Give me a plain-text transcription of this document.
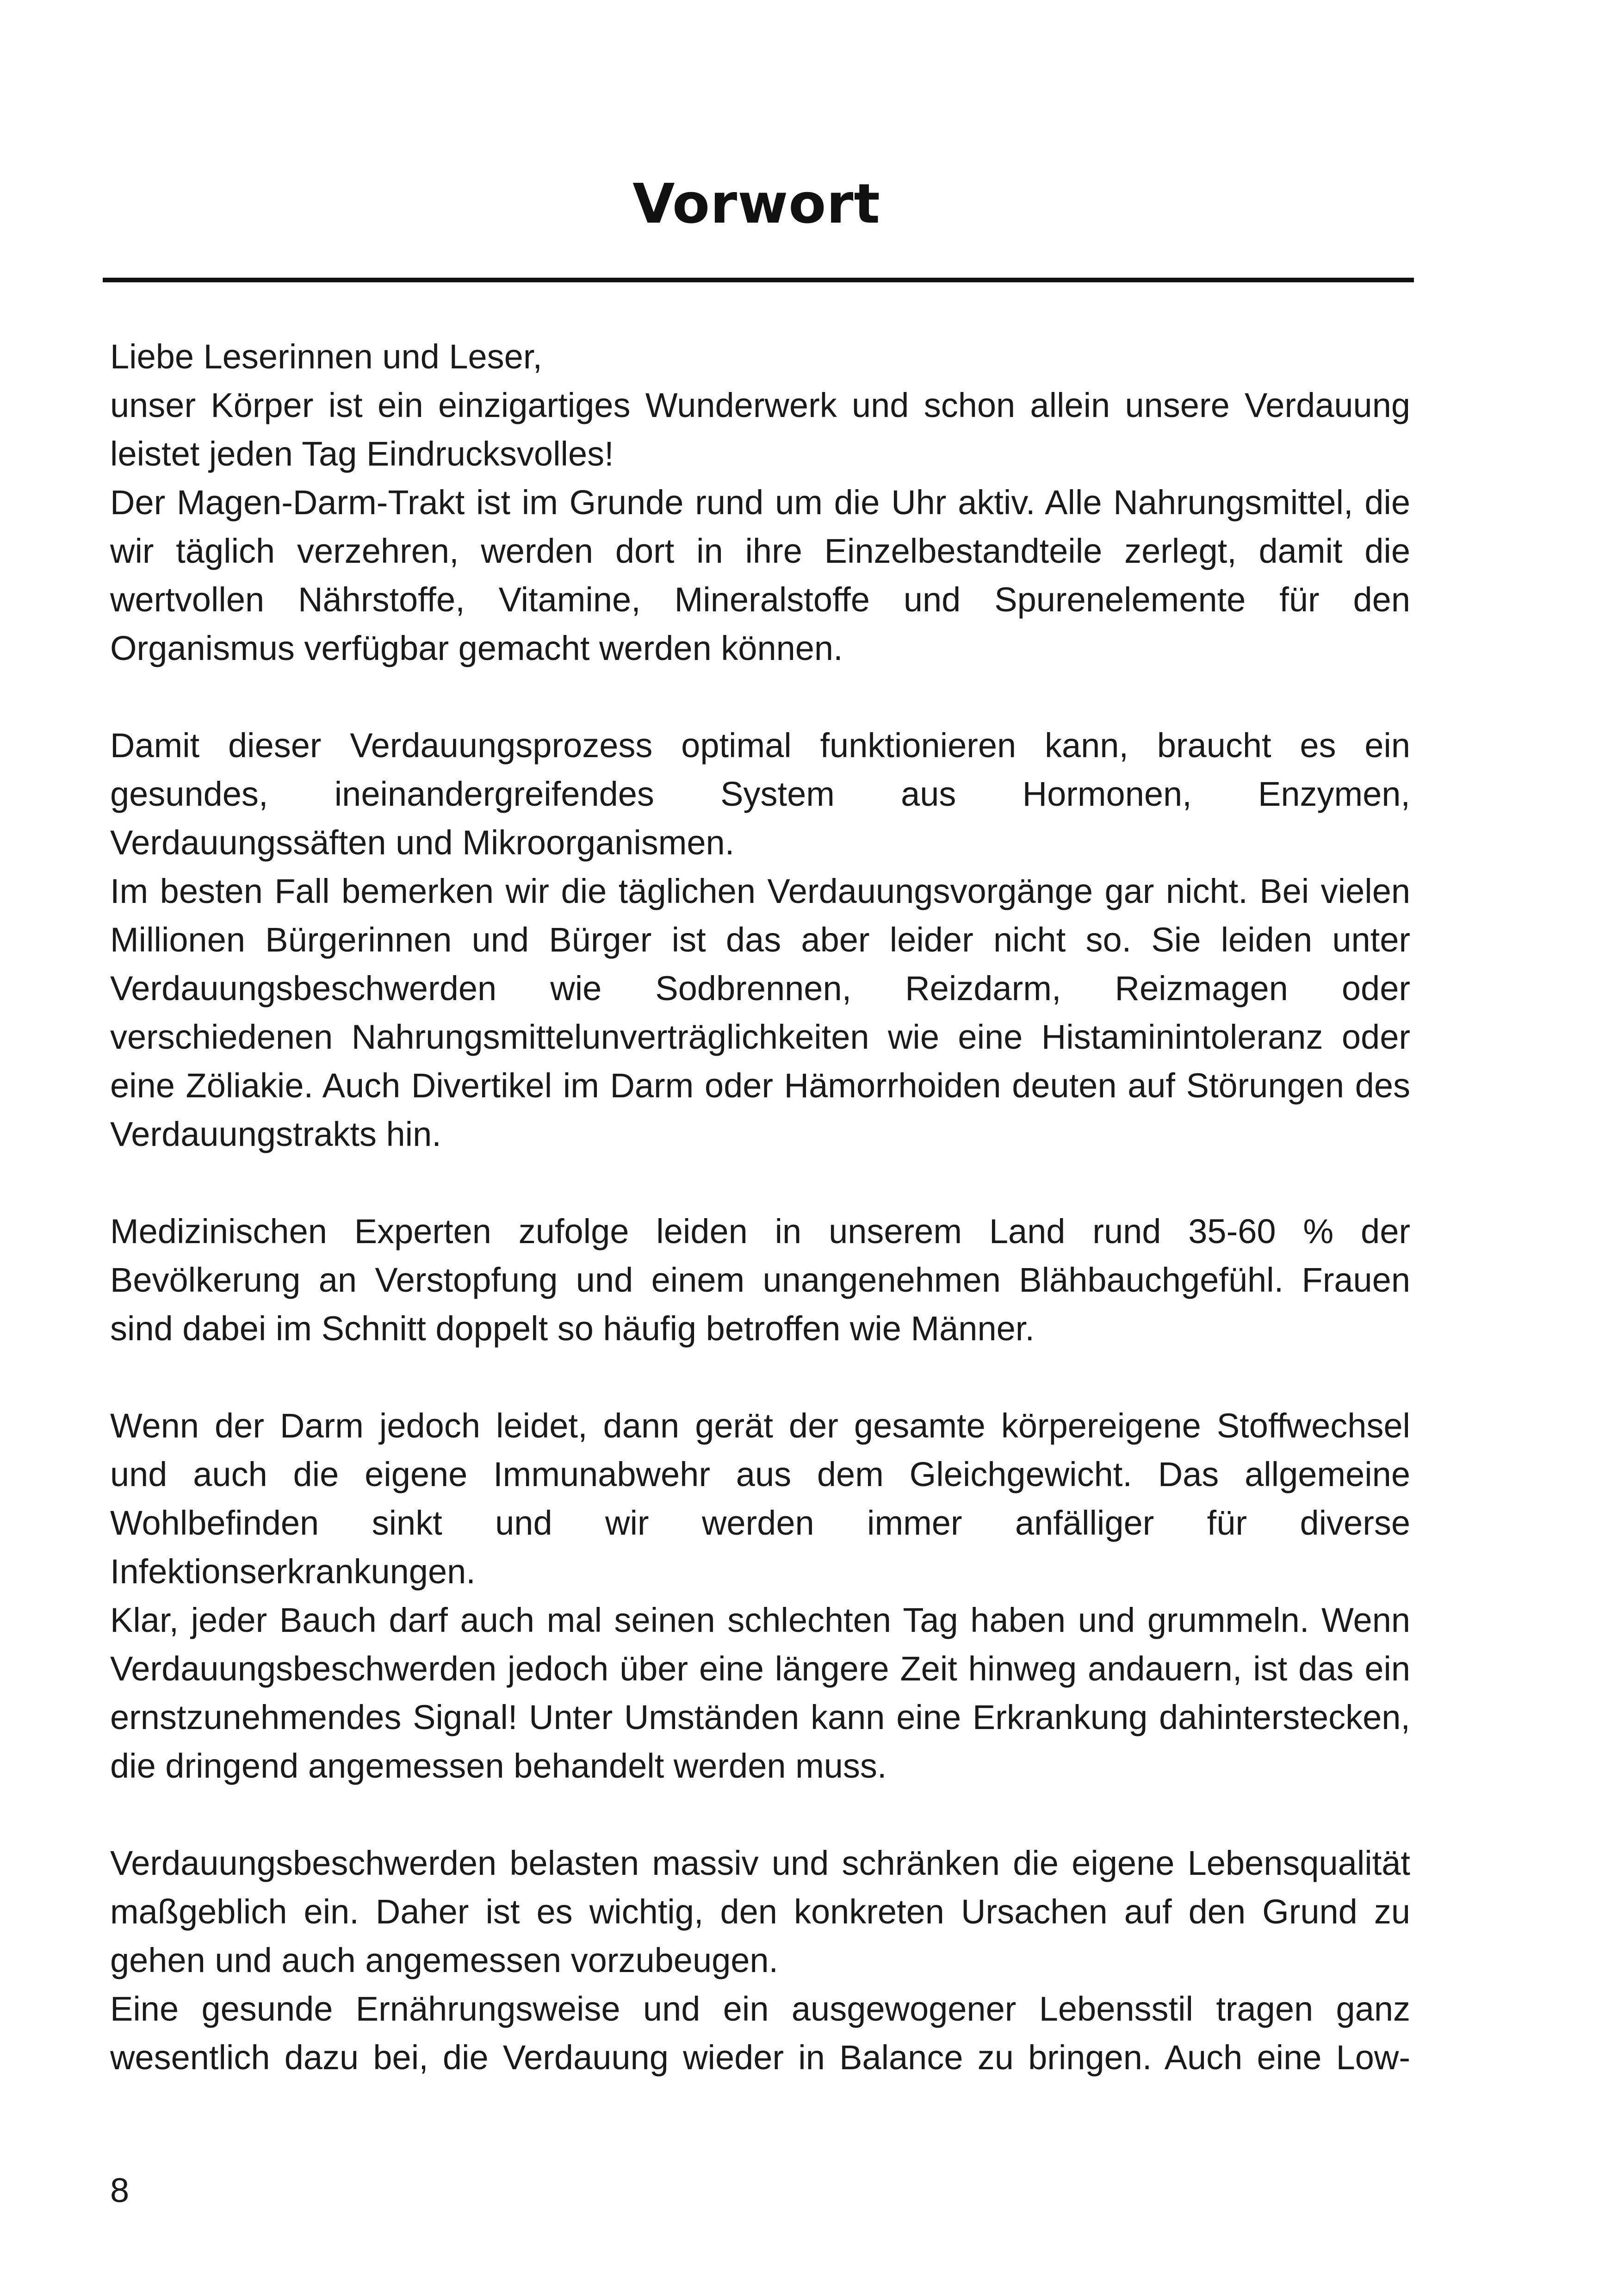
Vorwort

Liebe Leserinnen und Leser,

unser Körper ist ein einzigartiges Wunderwerk und schon allein unsere Verdauung leistet jeden Tag Eindrucksvolles!

Der Magen-Darm-Trakt ist im Grunde rund um die Uhr aktiv. Alle Nahrungsmittel, die wir täglich verzehren, werden dort in ihre Einzelbestandteile zerlegt, damit die wertvollen Nährstoffe, Vitamine, Mineralstoffe und Spurenelemente für den Organismus verfügbar gemacht werden können.

Damit dieser Verdauungsprozess optimal funktionieren kann, braucht es ein gesundes, ineinandergreifendes System aus Hormonen, Enzymen, Verdauungssäften und Mikroorganismen.

Im besten Fall bemerken wir die täglichen Verdauungsvorgänge gar nicht. Bei vielen Millionen Bürgerinnen und Bürger ist das aber leider nicht so. Sie leiden unter Verdauungsbeschwerden wie Sodbrennen, Reizdarm, Reizmagen oder verschiedenen Nahrungsmittelunverträglichkeiten wie eine Histaminintoleranz oder eine Zöliakie. Auch Divertikel im Darm oder Hämorrhoiden deuten auf Störungen des Verdauungstrakts hin.

Medizinischen Experten zufolge leiden in unserem Land rund 35-60 % der Bevölkerung an Verstopfung und einem unangenehmen Blähbauchgefühl. Frauen sind dabei im Schnitt doppelt so häufig betroffen wie Männer.

Wenn der Darm jedoch leidet, dann gerät der gesamte körpereigene Stoffwechsel und auch die eigene Immunabwehr aus dem Gleichgewicht. Das allgemeine Wohlbefinden sinkt und wir werden immer anfälliger für diverse Infektionserkrankungen.

Klar, jeder Bauch darf auch mal seinen schlechten Tag haben und grummeln. Wenn Verdauungsbeschwerden jedoch über eine längere Zeit hinweg andauern, ist das ein ernstzunehmendes Signal! Unter Umständen kann eine Erkrankung dahinterstecken, die dringend angemessen behandelt werden muss.

Verdauungsbeschwerden belasten massiv und schränken die eigene Lebensqualität maßgeblich ein. Daher ist es wichtig, den konkreten Ursachen auf den Grund zu gehen und auch angemessen vorzubeugen.

Eine gesunde Ernährungsweise und ein ausgewogener Lebensstil tragen ganz wesentlich dazu bei, die Verdauung wieder in Balance zu bringen. Auch eine Low-

8
